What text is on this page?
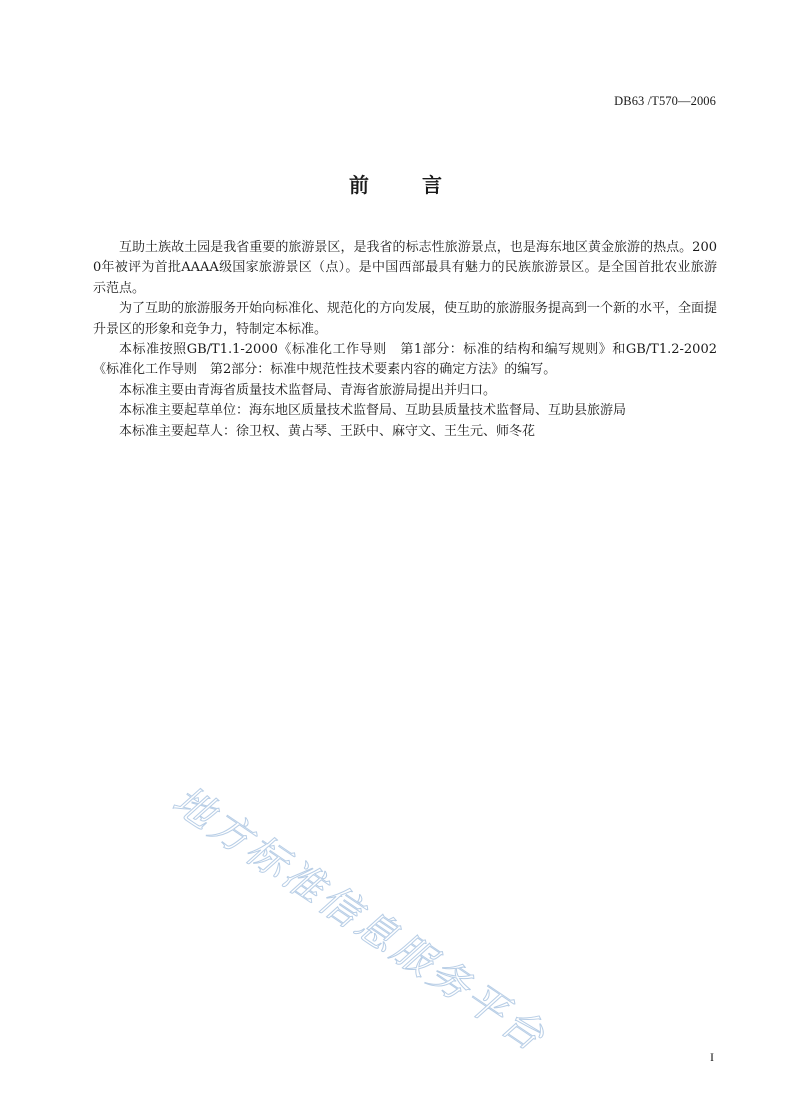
DB63 /T570—2006
前	言

互助土族故土园是我省重要的旅游景区，是我省的标志性旅游景点，也是海东地区黄金旅游的热点。2000年被评为首批AAAA级国家旅游景区（点）。是中国西部最具有魅力的民族旅游景区。是全国首批农业旅游示范点。

为了互助的旅游服务开始向标准化、规范化的方向发展，使互助的旅游服务提高到一个新的水平，全面提升景区的形象和竞争力，特制定本标准。

本标准按照GB/T1.1-2000《标准化工作导则　第1部分：标准的结构和编写规则》和GB/T1.2-2002《标准化工作导则　第2部分：标准中规范性技术要素内容的确定方法》的编写。

本标准主要由青海省质量技术监督局、青海省旅游局提出并归口。

本标准主要起草单位：海东地区质量技术监督局、互助县质量技术监督局、互助县旅游局

本标准主要起草人：徐卫权、黄占琴、王跃中、麻守文、王生元、师冬花

地方标准信息服务平台	I
